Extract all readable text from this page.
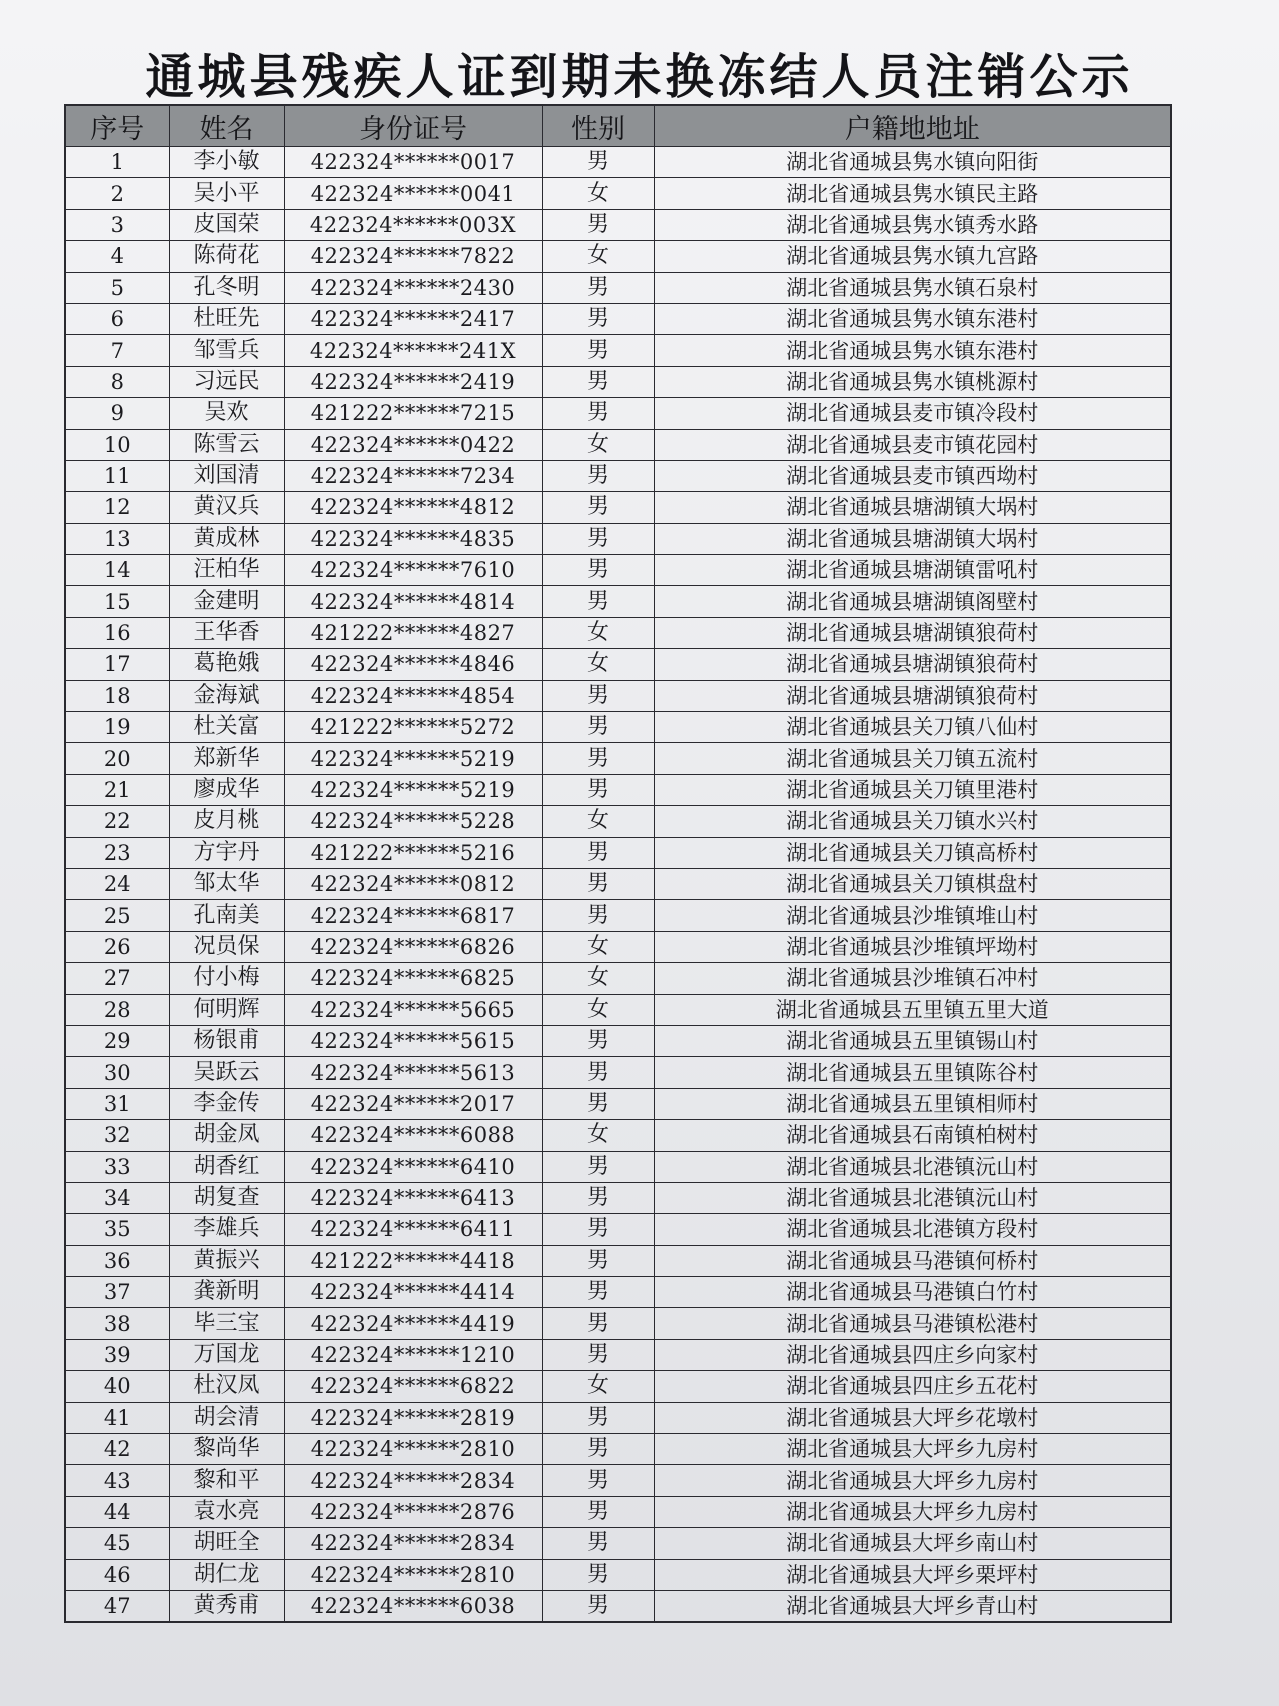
通城县残疾人证到期未换冻结人员注销公示
序号	姓名	身份证号	性别	户籍地地址
1	李小敏	422324******0017	男	湖北省通城县隽水镇向阳街
2	吴小平	422324******0041	女	湖北省通城县隽水镇民主路
3	皮国荣	422324******003X	男	湖北省通城县隽水镇秀水路
4	陈荷花	422324******7822	女	湖北省通城县隽水镇九宫路
5	孔冬明	422324******2430	男	湖北省通城县隽水镇石泉村
6	杜旺先	422324******2417	男	湖北省通城县隽水镇东港村
7	邹雪兵	422324******241X	男	湖北省通城县隽水镇东港村
8	习远民	422324******2419	男	湖北省通城县隽水镇桃源村
9	吴欢	421222******7215	男	湖北省通城县麦市镇冷段村
10	陈雪云	422324******0422	女	湖北省通城县麦市镇花园村
11	刘国清	422324******7234	男	湖北省通城县麦市镇西坳村
12	黄汉兵	422324******4812	男	湖北省通城县塘湖镇大埚村
13	黄成林	422324******4835	男	湖北省通城县塘湖镇大埚村
14	汪柏华	422324******7610	男	湖北省通城县塘湖镇雷吼村
15	金建明	422324******4814	男	湖北省通城县塘湖镇阁壁村
16	王华香	421222******4827	女	湖北省通城县塘湖镇狼荷村
17	葛艳娥	422324******4846	女	湖北省通城县塘湖镇狼荷村
18	金海斌	422324******4854	男	湖北省通城县塘湖镇狼荷村
19	杜关富	421222******5272	男	湖北省通城县关刀镇八仙村
20	郑新华	422324******5219	男	湖北省通城县关刀镇五流村
21	廖成华	422324******5219	男	湖北省通城县关刀镇里港村
22	皮月桃	422324******5228	女	湖北省通城县关刀镇水兴村
23	方宇丹	421222******5216	男	湖北省通城县关刀镇高桥村
24	邹太华	422324******0812	男	湖北省通城县关刀镇棋盘村
25	孔南美	422324******6817	男	湖北省通城县沙堆镇堆山村
26	况员保	422324******6826	女	湖北省通城县沙堆镇坪坳村
27	付小梅	422324******6825	女	湖北省通城县沙堆镇石冲村
28	何明辉	422324******5665	女	湖北省通城县五里镇五里大道
29	杨银甫	422324******5615	男	湖北省通城县五里镇锡山村
30	吴跃云	422324******5613	男	湖北省通城县五里镇陈谷村
31	李金传	422324******2017	男	湖北省通城县五里镇相师村
32	胡金凤	422324******6088	女	湖北省通城县石南镇柏树村
33	胡香红	422324******6410	男	湖北省通城县北港镇沅山村
34	胡复查	422324******6413	男	湖北省通城县北港镇沅山村
35	李雄兵	422324******6411	男	湖北省通城县北港镇方段村
36	黄振兴	421222******4418	男	湖北省通城县马港镇何桥村
37	龚新明	422324******4414	男	湖北省通城县马港镇白竹村
38	毕三宝	422324******4419	男	湖北省通城县马港镇松港村
39	万国龙	422324******1210	男	湖北省通城县四庄乡向家村
40	杜汉凤	422324******6822	女	湖北省通城县四庄乡五花村
41	胡会清	422324******2819	男	湖北省通城县大坪乡花墩村
42	黎尚华	422324******2810	男	湖北省通城县大坪乡九房村
43	黎和平	422324******2834	男	湖北省通城县大坪乡九房村
44	袁水亮	422324******2876	男	湖北省通城县大坪乡九房村
45	胡旺全	422324******2834	男	湖北省通城县大坪乡南山村
46	胡仁龙	422324******2810	男	湖北省通城县大坪乡栗坪村
47	黄秀甫	422324******6038	男	湖北省通城县大坪乡青山村
